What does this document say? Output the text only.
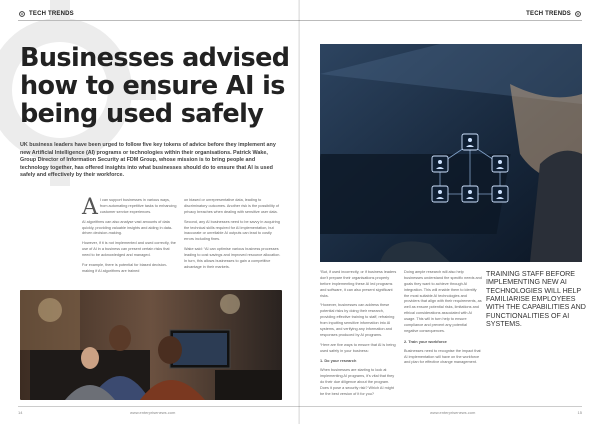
TECH TRENDS
Businesses advised how to ensure AI is being used safely

UK business leaders have been urged to follow five key tokens of advice before they implement any new Artificial Intelligence (AI) programs or technologies within their organisations. Patrick Wake, Group Director of Information Security at FDM Group, whose mission is to bring people and technology together, has offered insights into what businesses should do to ensure that AI is used safely and effectively by their workforce.

A I can support businesses in various ways, from automating repetitive tasks to enhancing customer service experiences.

AI algorithms can also analyse vast amounts of data quickly, providing valuable insights and aiding in data-driven decision-making.

However, if it is not implemented and used correctly, the use of AI in a business can present certain risks that need to be acknowledged and managed.

For example, there is potential for biased decision-making if AI algorithms are trained

on biased or unrepresentative data, leading to discriminatory outcomes. Another risk is the possibility of privacy breaches when dealing with sensitive user data.

Second, any AI businesses need to be savvy in acquiring the technical skills required for AI implementation, but inaccurate or unreliable AI outputs can lead to costly errors including fines.

Wake said: “AI can optimise various business processes leading to cost savings and improved resource allocation. In turn, this allows businesses to gain a competitive advantage in their markets.

14	www.enterprisenews.com
TECH TRENDS

“But, if used incorrectly, or if business leaders don't prepare their organisations properly before implementing these AI led programs and software, it can also present significant risks.

“However, businesses can address these potential risks by doing their research, providing effective training to staff, refraining from inputting sensitive information into AI systems, and verifying any information and responses produced by AI programs.

“Here are five ways to ensure that AI is being used safely in your business:

1. Do your research

When businesses are starting to look at implementing AI programs, it's vital that they do their due diligence about the program. Does it pose a security risk? Which AI might be the best version of it for you?

Doing ample research will also help businesses understand the specific needs and goals they want to achieve through AI integration. This will enable them to identify the most suitable AI technologies and providers that align with their requirements, as well as ensure potential risks, limitations and ethical considerations associated with AI usage. This will in turn help to ensure compliance and prevent any potential negative consequences.

2. Train your workforce

Businesses need to recognise the impact that AI implementation will have on the workforce and plan for effective change management.

TRAINING STAFF BEFORE IMPLEMENTING NEW AI TECHNOLOGIES WILL HELP FAMILIARISE EMPLOYEES WITH THE CAPABILITIES AND FUNCTIONALITIES OF AI SYSTEMS.
www.enterprisenews.com	15
